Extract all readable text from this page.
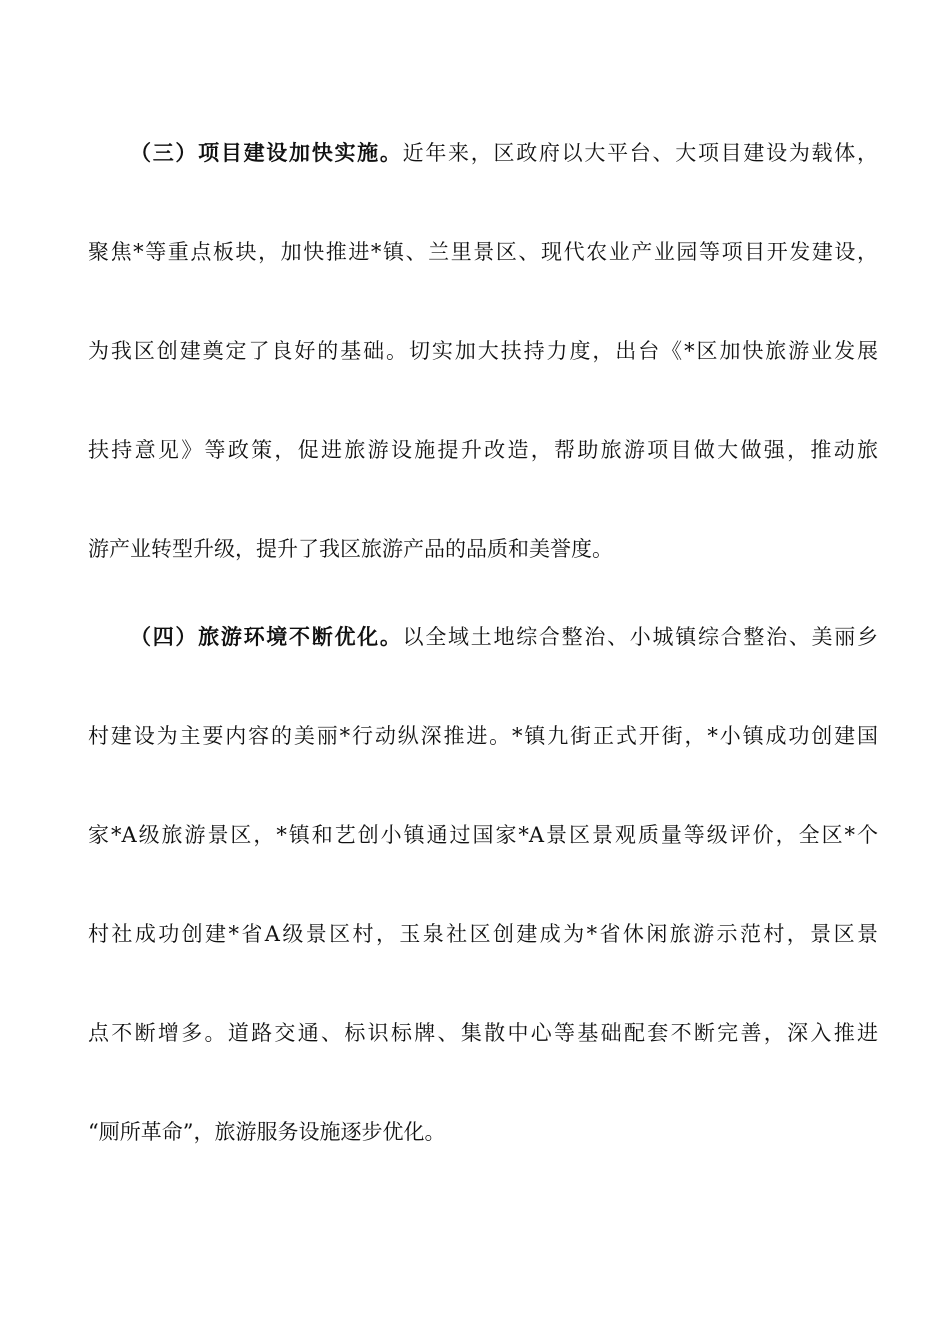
（三）项目建设加快实施。近年来，区政府以大平台、大项目建设为载体，
聚焦*等重点板块，加快推进*镇、兰里景区、现代农业产业园等项目开发建设，
为我区创建奠定了良好的基础。切实加大扶持力度，出台《*区加快旅游业发展
扶持意见》等政策，促进旅游设施提升改造，帮助旅游项目做大做强，推动旅
游产业转型升级，提升了我区旅游产品的品质和美誉度。
（四）旅游环境不断优化。以全域土地综合整治、小城镇综合整治、美丽乡
村建设为主要内容的美丽*行动纵深推进。*镇九街正式开街，*小镇成功创建国
家*A级旅游景区，*镇和艺创小镇通过国家*A景区景观质量等级评价，全区*个
村社成功创建*省A级景区村，玉泉社区创建成为*省休闲旅游示范村，景区景
点不断增多。道路交通、标识标牌、集散中心等基础配套不断完善，深入推进
“厕所革命”，旅游服务设施逐步优化。
